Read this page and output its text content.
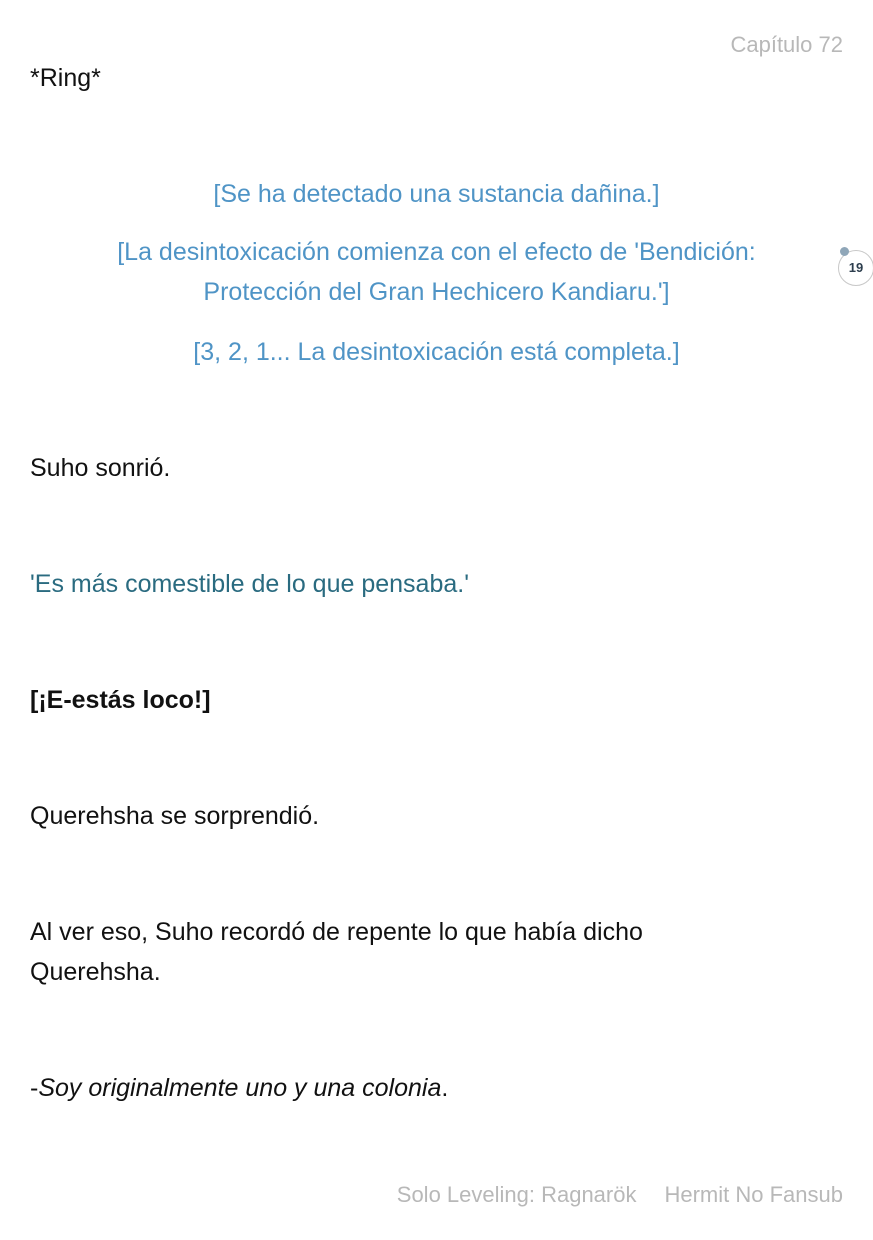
Capítulo 72

*Ring*

[Se ha detectado una sustancia dañina.]

[La desintoxicación comienza con el efecto de 'Bendición:
Protección del Gran Hechicero Kandiaru.']

[3, 2, 1... La desintoxicación está completa.]

19

Suho sonrió.

'Es más comestible de lo que pensaba.'

[¡E-estás loco!]

Querehsha se sorprendió.

Al ver eso, Suho recordó de repente lo que había dicho
Querehsha.

-Soy originalmente uno y una colonia.

Solo Leveling: Ragnarök Hermit No Fansub
